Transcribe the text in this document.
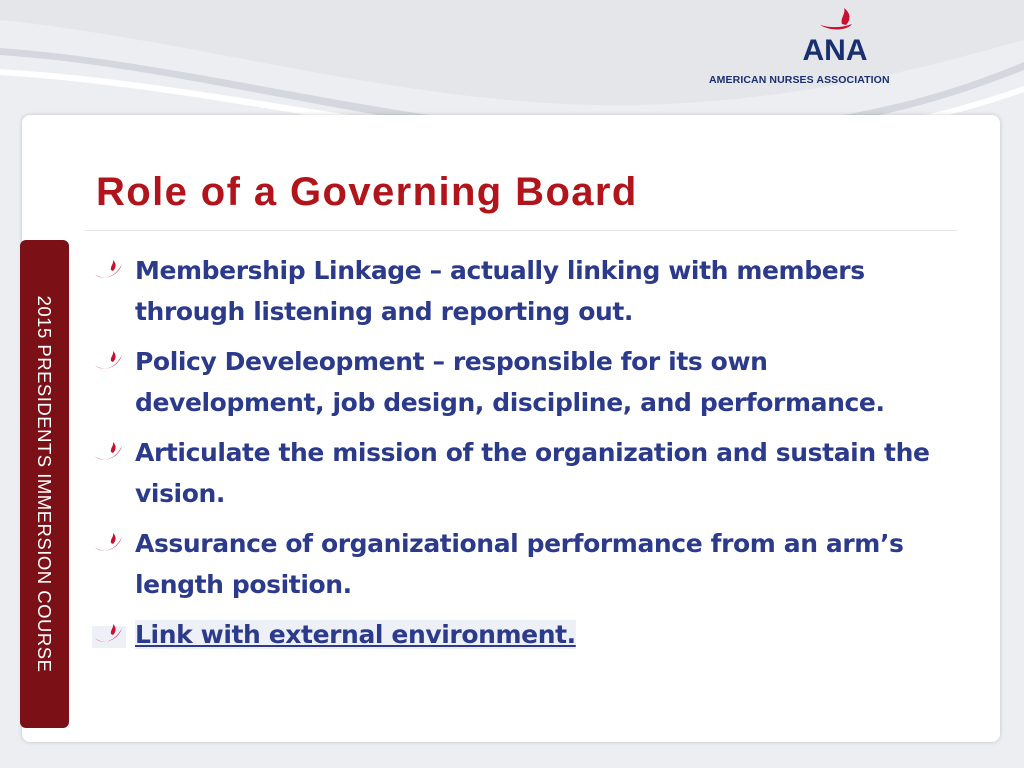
ANA
AMERICAN NURSES ASSOCIATION
2015 PRESIDENTS IMMERSION COURSE
Role of a Governing Board
Membership Linkage – actually linking with members through listening and reporting out.
Policy Develeopment – responsible for its own development, job design, discipline, and performance.
Articulate the mission of the organization and sustain the vision.
Assurance of organizational performance from an arm’s length position.
Link with external environment.
